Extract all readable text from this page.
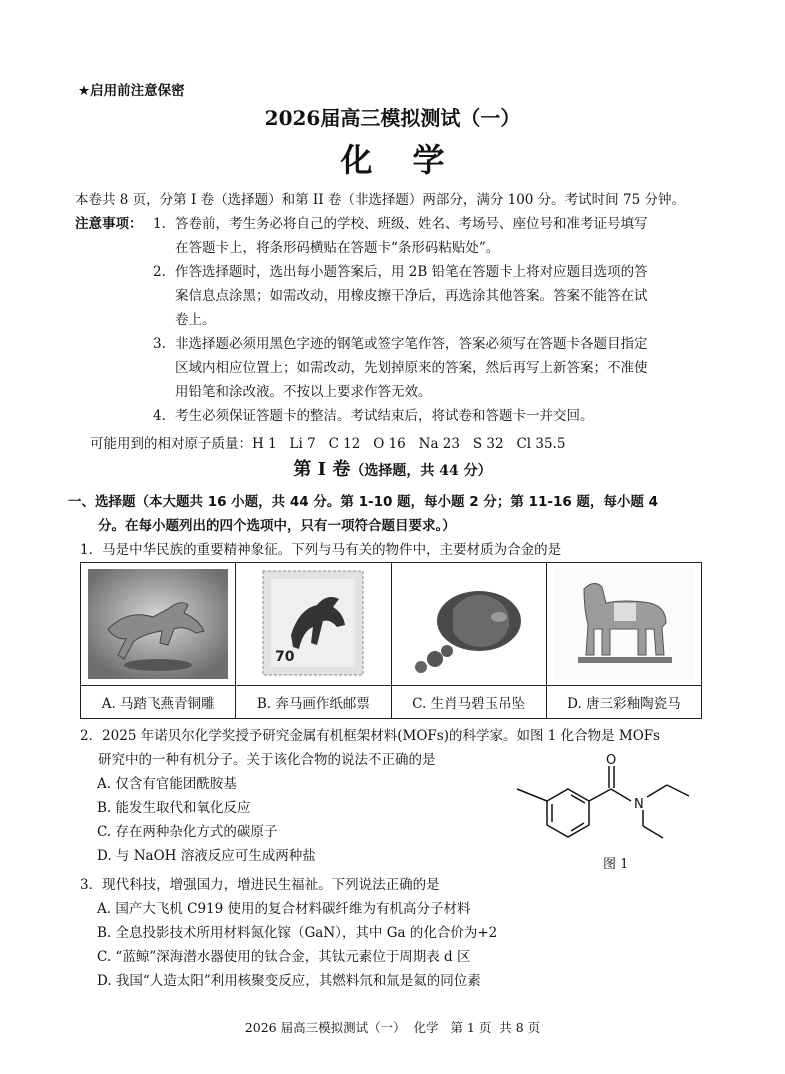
★启用前注意保密
2026届高三模拟测试（一）
化学
本卷共 8 页，分第 I 卷（选择题）和第 II 卷（非选择题）两部分，满分 100 分。考试时间 75 分钟。
注意事项： 1. 答卷前，考生务必将自己的学校、班级、姓名、考场号、座位号和准考证号填写
在答题卡上，将条形码横贴在答题卡“条形码粘贴处”。
2. 作答选择题时，选出每小题答案后，用 2B 铅笔在答题卡上将对应题目选项的答
案信息点涂黑；如需改动，用橡皮擦干净后，再选涂其他答案。答案不能答在试
卷上。
3. 非选择题必须用黑色字迹的钢笔或签字笔作答，答案必须写在答题卡各题目指定
区域内相应位置上；如需改动，先划掉原来的答案，然后再写上新答案；不准使
用铅笔和涂改液。不按以上要求作答无效。
4. 考生必须保证答题卡的整洁。考试结束后，将试卷和答题卡一并交回。
可能用到的相对原子质量：H 1   Li 7   C 12   O 16   Na 23   S 32   Cl 35.5
第 I 卷（选择题，共 44 分）
一、选择题（本大题共 16 小题，共 44 分。第 1-10 题，每小题 2 分；第 11-16 题，每小题 4
分。在每小题列出的四个选项中，只有一项符合题目要求。）
1．马是中华民族的重要精神象征。下列与马有关的物件中，主要材质为合金的是

70

A. 马踏飞燕青铜雕	B. 奔马画作纸邮票	C. 生肖马碧玉吊坠	D. 唐三彩釉陶瓷马
2．2025 年诺贝尔化学奖授予研究金属有机框架材料(MOFs)的科学家。如图 1 化合物是 MOFs
研究中的一种有机分子。关于该化合物的说法不正确的是
A. 仅含有官能团酰胺基
B. 能发生取代和氧化反应
C. 存在两种杂化方式的碳原子
D. 与 NaOH 溶液反应可生成两种盐
O
N
图 1
3．现代科技，增强国力，增进民生福祉。下列说法正确的是
A. 国产大飞机 C919 使用的复合材料碳纤维为有机高分子材料
B. 全息投影技术所用材料氮化镓（GaN），其中 Ga 的化合价为+2
C. “蓝鲸”深海潜水器使用的钛合金，其钛元素位于周期表 d 区
D. 我国“人造太阳”利用核聚变反应，其燃料氘和氚是氦的同位素
2026 届高三模拟测试（一）  化学   第 1 页  共 8 页
